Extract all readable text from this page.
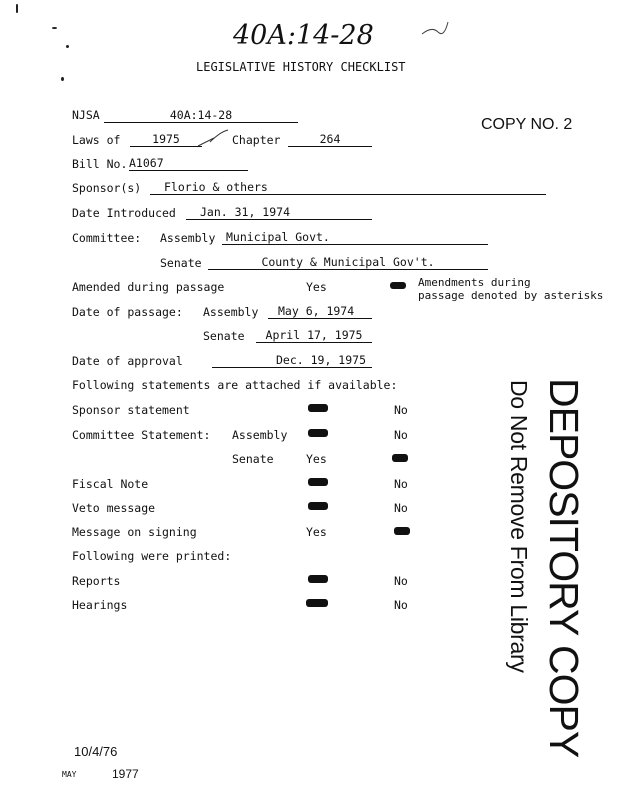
40A:14-28
LEGISLATIVE HISTORY CHECKLIST
COPY NO. 2
NJSA	40A:14-28
Laws of	1975	Chapter	264
Bill No. A1067
Sponsor(s)	Florio & others
Date Introduced	Jan. 31, 1974
Committee: Assembly Municipal Govt.
Senate	County & Municipal Gov't.
Amended during passage	Yes	Amendments during
passage denoted by asterisks
Date of passage: Assembly	May 6, 1974
Senate	April 17, 1975
Date of approval	Dec. 19, 1975
Following statements are attached if available:
Sponsor statement	No
Committee Statement: Assembly	No
Senate	Yes
Fiscal Note	No
Veto message	No
Message on signing	Yes
Following were printed:
Reports	No
Hearings	No	DEPOSITORY COPY
Do Not Remove From Library
10/4/76
MAY	1977
